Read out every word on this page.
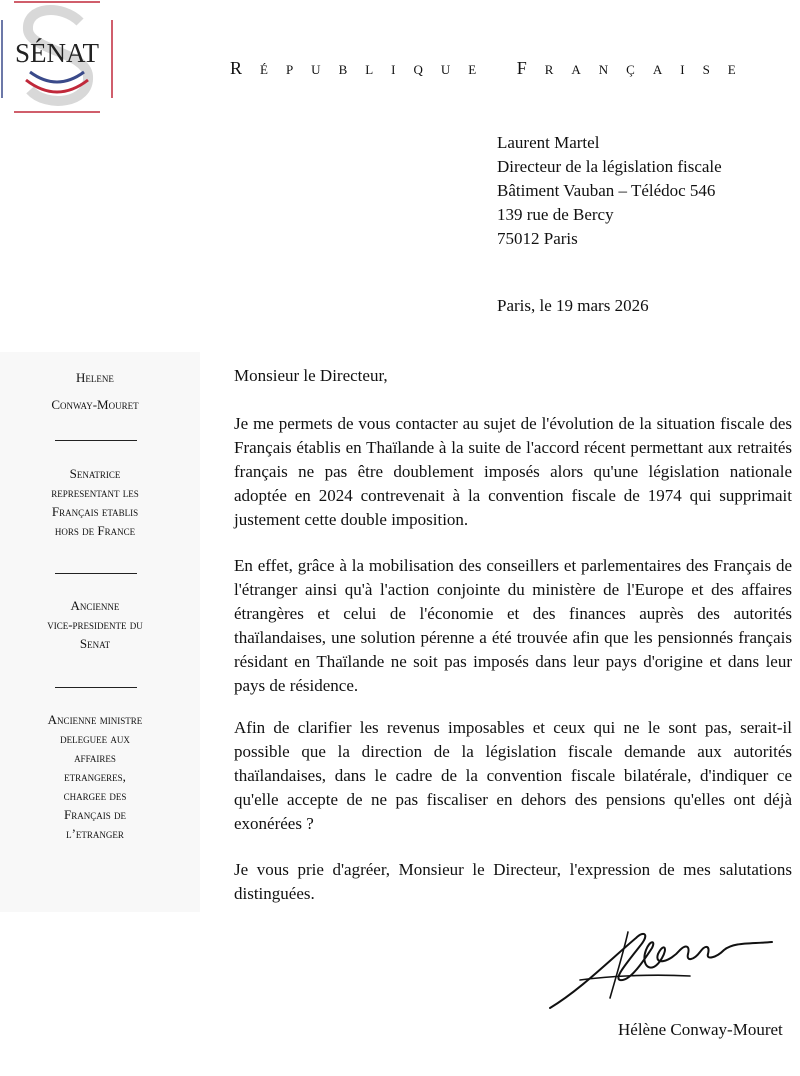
SÉNAT	République Française
Laurent Martel
Directeur de la législation fiscale
Bâtiment Vauban – Télédoc 546
139 rue de Bercy
75012 Paris
Paris, le 19 mars 2026
Helene
Conway-Mouret
Senatrice
representant les
Français etablis
hors de France
Ancienne
vice-presidente du
Senat
Ancienne ministre
deleguee aux
affaires
etrangeres,
chargee des
Français de
l’etranger
Monsieur le Directeur,
Je me permets de vous contacter au sujet de l'évolution de la situation fiscale des Français établis en Thaïlande à la suite de l'accord récent permettant aux retraités français ne pas être doublement imposés alors qu'une législation nationale adoptée en 2024 contrevenait à la convention fiscale de 1974 qui supprimait justement cette double imposition.
En effet, grâce à la mobilisation des conseillers et parlementaires des Français de l'étranger ainsi qu'à l'action conjointe du ministère de l'Europe et des affaires étrangères et celui de l'économie et des finances auprès des autorités thaïlandaises, une solution pérenne a été trouvée afin que les pensionnés français résidant en Thaïlande ne soit pas imposés dans leur pays d'origine et dans leur pays de résidence.
Afin de clarifier les revenus imposables et ceux qui ne le sont pas, serait-il possible que la direction de la législation fiscale demande aux autorités thaïlandaises, dans le cadre de la convention fiscale bilatérale, d'indiquer ce qu'elle accepte de ne pas fiscaliser en dehors des pensions qu'elles ont déjà exonérées ?
Je vous prie d'agréer, Monsieur le Directeur, l'expression de mes salutations distinguées.
Hélène Conway-Mouret
